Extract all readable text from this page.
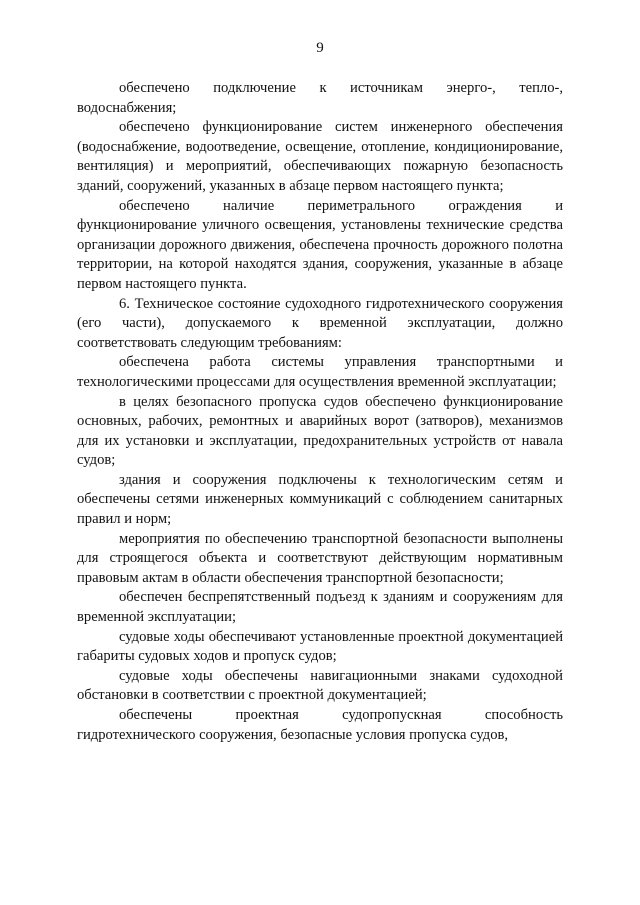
9

обеспечено подключение к источникам энерго-, тепло-, водоснабжения;

обеспечено функционирование систем инженерного обеспечения (водоснабжение, водоотведение, освещение, отопление, кондиционирование, вентиляция) и мероприятий, обеспечивающих пожарную безопасность зданий, сооружений, указанных в абзаце первом настоящего пункта;

обеспечено наличие периметрального ограждения и функционирование уличного освещения, установлены технические средства организации дорожного движения, обеспечена прочность дорожного полотна территории, на которой находятся здания, сооружения, указанные в абзаце первом настоящего пункта.

6. Техническое состояние судоходного гидротехнического сооружения (его части), допускаемого к временной эксплуатации, должно соответствовать следующим требованиям:

обеспечена работа системы управления транспортными и технологическими процессами для осуществления временной эксплуатации;

в целях безопасного пропуска судов обеспечено функционирование основных, рабочих, ремонтных и аварийных ворот (затворов), механизмов для их установки и эксплуатации, предохранительных устройств от навала судов;

здания и сооружения подключены к технологическим сетям и обеспечены сетями инженерных коммуникаций с соблюдением санитарных правил и норм;

мероприятия по обеспечению транспортной безопасности выполнены для строящегося объекта и соответствуют действующим нормативным правовым актам в области обеспечения транспортной безопасности;

обеспечен беспрепятственный подъезд к зданиям и сооружениям для временной эксплуатации;

судовые ходы обеспечивают установленные проектной документацией габариты судовых ходов и пропуск судов;

судовые ходы обеспечены навигационными знаками судоходной обстановки в соответствии с проектной документацией;

обеспечены проектная судопропускная способность гидротехнического сооружения, безопасные условия пропуска судов,
